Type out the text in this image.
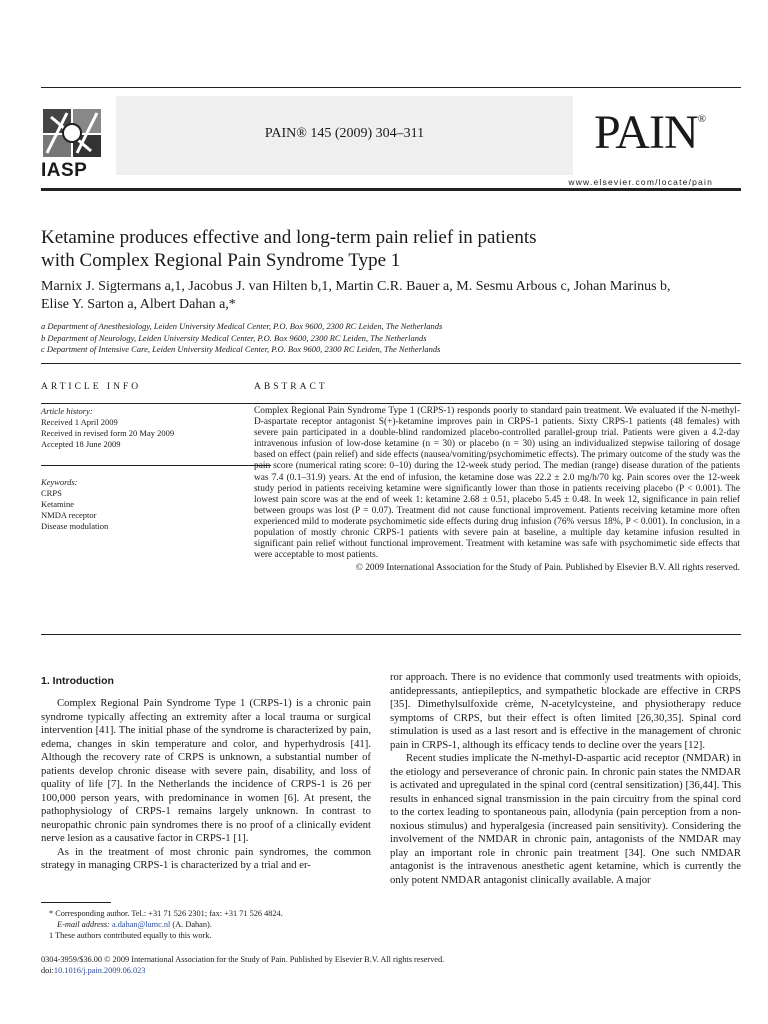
IASP
PAIN® 145 (2009) 304–311	PAIN®
www.elsevier.com/locate/pain
Ketamine produces effective and long-term pain relief in patients
with Complex Regional Pain Syndrome Type 1
Marnix J. Sigtermans a,1, Jacobus J. van Hilten b,1, Martin C.R. Bauer a, M. Sesmu Arbous c, Johan Marinus b,
Elise Y. Sarton a, Albert Dahan a,*
a Department of Anesthesiology, Leiden University Medical Center, P.O. Box 9600, 2300 RC Leiden, The Netherlands
b Department of Neurology, Leiden University Medical Center, P.O. Box 9600, 2300 RC Leiden, The Netherlands
c Department of Intensive Care, Leiden University Medical Center, P.O. Box 9600, 2300 RC Leiden, The Netherlands
ARTICLE INFO
Article history:
Received 1 April 2009
Received in revised form 20 May 2009
Accepted 18 June 2009
Keywords:
CRPS
Ketamine
NMDA receptor
Disease modulation
ABSTRACT
Complex Regional Pain Syndrome Type 1 (CRPS-1) responds poorly to standard pain treatment. We evaluated if the N-methyl-D-aspartate receptor antagonist S(+)-ketamine improves pain in CRPS-1 patients. Sixty CRPS-1 patients (48 females) with severe pain participated in a double-blind randomized placebo-controlled parallel-group trial. Patients were given a 4.2-day intravenous infusion of low-dose ketamine (n = 30) or placebo (n = 30) using an individualized stepwise tailoring of dosage based on effect (pain relief) and side effects (nausea/vomiting/psychomimetic effects). The primary outcome of the study was the pain score (numerical rating score: 0–10) during the 12-week study period. The median (range) disease duration of the patients was 7.4 (0.1–31.9) years. At the end of infusion, the ketamine dose was 22.2 ± 2.0 mg/h/70 kg. Pain scores over the 12-week study period in patients receiving ketamine were significantly lower than those in patients receiving placebo (P < 0.001). The lowest pain score was at the end of week 1: ketamine 2.68 ± 0.51, placebo 5.45 ± 0.48. In week 12, significance in pain relief between groups was lost (P = 0.07). Treatment did not cause functional improvement. Patients receiving ketamine more often experienced mild to moderate psychomimetic side effects during drug infusion (76% versus 18%, P < 0.001). In conclusion, in a population of mostly chronic CRPS-1 patients with severe pain at baseline, a multiple day ketamine infusion resulted in significant pain relief without functional improvement. Treatment with ketamine was safe with psychomimetic side effects that were acceptable to most patients.
© 2009 International Association for the Study of Pain. Published by Elsevier B.V. All rights reserved.
1. Introduction

Complex Regional Pain Syndrome Type 1 (CRPS-1) is a chronic pain syndrome typically affecting an extremity after a local trauma or surgical intervention [41]. The initial phase of the syndrome is characterized by pain, edema, changes in skin temperature and color, and hyperhydrosis [41]. Although the recovery rate of CRPS is unknown, a substantial number of patients develop chronic disease with severe pain, disability, and loss of quality of life [7]. In the Netherlands the incidence of CRPS-1 is 26 per 100,000 person years, with predominance in women [6]. At present, the pathophysiology of CRPS-1 remains largely unknown. In contrast to neuropathic chronic pain syndromes there is no proof of a clinically evident nerve lesion as a causative factor in CRPS-1 [1].

As in the treatment of most chronic pain syndromes, the common strategy in managing CRPS-1 is characterized by a trial and er-

ror approach. There is no evidence that commonly used treatments with opioids, antidepressants, antiepileptics, and sympathetic blockade are effective in CRPS [35]. Dimethylsulfoxide crème, N-acetylcysteine, and physiotherapy reduce symptoms of CRPS, but their effect is often limited [26,30,35]. Spinal cord stimulation is used as a last resort and is effective in the management of chronic pain in CRPS-1, although its efficacy tends to decline over the years [12].

Recent studies implicate the N-methyl-D-aspartic acid receptor (NMDAR) in the etiology and perseverance of chronic pain. In chronic pain states the NMDAR is activated and upregulated in the spinal cord (central sensitization) [36,44]. This results in enhanced signal transmission in the pain circuitry from the spinal cord to the cortex leading to spontaneous pain, allodynia (pain perception from a non-noxious stimulus) and hyperalgesia (increased pain sensitivity). Considering the involvement of the NMDAR in chronic pain, antagonists of the NMDAR may play an important role in chronic pain treatment [34]. One such NMDAR antagonist is the intravenous anesthetic agent ketamine, which is currently the only potent NMDAR antagonist clinically available. A major

* Corresponding author. Tel.: +31 71 526 2301; fax: +31 71 526 4824.
E-mail address: a.dahan@lumc.nl (A. Dahan).
1 These authors contributed equally to this work.
0304-3959/$36.00 © 2009 International Association for the Study of Pain. Published by Elsevier B.V. All rights reserved.
doi:10.1016/j.pain.2009.06.023
